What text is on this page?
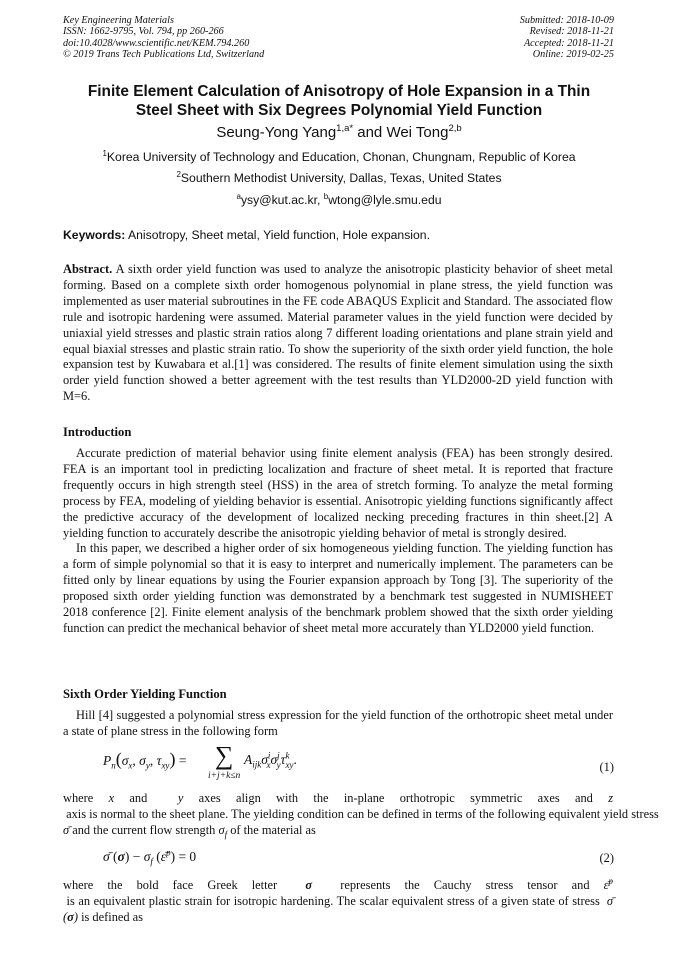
Key Engineering Materials
ISSN: 1662-9795, Vol. 794, pp 260-266
doi:10.4028/www.scientific.net/KEM.794.260
© 2019 Trans Tech Publications Ltd, Switzerland
Submitted: 2018-10-09
Revised: 2018-11-21
Accepted: 2018-11-21
Online: 2019-02-25
Finite Element Calculation of Anisotropy of Hole Expansion in a Thin
Steel Sheet with Six Degrees Polynomial Yield Function
Seung-Yong Yang$^{1,a*}$ and Wei Tong$^{2,b}$
$^1$Korea University of Technology and Education, Chonan, Chungnam, Republic of Korea
$^2$Southern Methodist University, Dallas, Texas, United States
$^a$ysy@kut.ac.kr, $^b$wtong@lyle.smu.edu
Keywords: Anisotropy, Sheet metal, Yield function, Hole expansion.

Abstract. A sixth order yield function was used to analyze the anisotropic plasticity behavior of sheet metal forming. Based on a complete sixth order homogenous polynomial in plane stress, the yield function was implemented as user material subroutines in the FE code ABAQUS Explicit and Standard. The associated flow rule and isotropic hardening were assumed. Material parameter values in the yield function were decided by uniaxial yield stresses and plastic strain ratios along 7 different loading orientations and plane strain yield and equal biaxial stresses and plastic strain ratio. To show the superiority of the sixth order yield function, the hole expansion test by Kuwabara et al.[1] was considered. The results of finite element simulation using the sixth order yield function showed a better agreement with the test results than YLD2000-2D yield function with M=6.

Introduction

Accurate prediction of material behavior using finite element analysis (FEA) has been strongly desired. FEA is an important tool in predicting localization and fracture of sheet metal. It is reported that fracture frequently occurs in high strength steel (HSS) in the area of stretch forming. To analyze the metal forming process by FEA, modeling of yielding behavior is essential. Anisotropic yielding functions significantly affect the predictive accuracy of the development of localized necking preceding fractures in thin sheet.[2] A yielding function to accurately describe the anisotropic yielding behavior of metal is strongly desired.

In this paper, we described a higher order of six homogeneous yielding function. The yielding function has a form of simple polynomial so that it is easy to interpret and numerically implement. The parameters can be fitted only by linear equations by using the Fourier expansion approach by Tong [3]. The superiority of the proposed sixth order yielding function was demonstrated by a benchmark test suggested in NUMISHEET 2018 conference [2]. Finite element analysis of the benchmark problem showed that the sixth order yielding function can predict the mechanical behavior of sheet metal more accurately than YLD2000 yield function.

Sixth Order Yielding Function

Hill [4] suggested a polynomial stress expression for the yield function of the orthotropic sheet metal under a state of plane stress in the following form

$P_n(\sigma_x$, $\sigma_y$, $\tau_{xy}$) = ∑
i+j+k≤n
$A_{ijk}\sigma^i_x\sigma^j_y\tau^k_{xy}$.	(1)

where x and  y axes align with the in-plane orthotropic symmetric axes and z axis is normal to the sheet plane. The yielding condition can be defined in terms of the following equivalent yield stress  σ̄ and the current flow strength $\sigma_f$ of the material as

σ̄ $(\sigma) - \sigma_f$ (ε̄$^p$) = 0	(2)

where the bold face Greek letter  σ  represents the Cauchy stress tensor and ε̄$^p$ is an equivalent plastic strain for isotropic hardening. The scalar equivalent stress of a given state of stress  σ̄ (σ) is defined as
